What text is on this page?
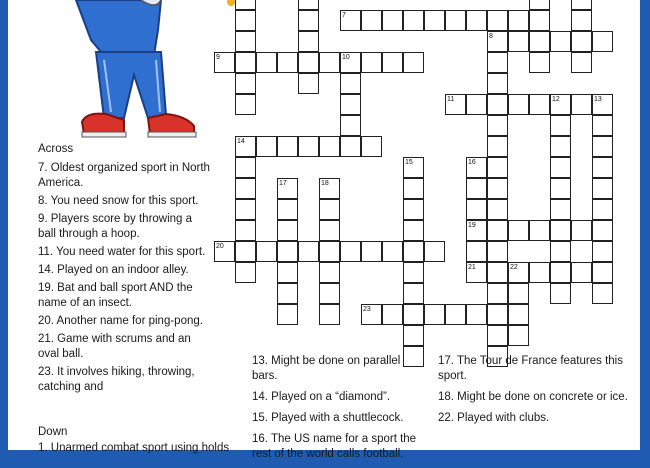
7
8
9	10
11	12	13
14
15	16
17	18
19
20
21	22
23
Across
7. Oldest organized sport in North America.
8. You need snow for this sport.
9. Players score by throwing a ball through a hoop.
11. You need water for this sport.
14. Played on an indoor alley.
19. Bat and ball sport AND the name of an insect.
20. Another name for ping-pong.
21. Game with scrums and an oval ball.
23. It involves hiking, throwing, catching and
Down
1. Unarmed combat sport using holds
13. Might be done on parallel bars.
14. Played on a “diamond”.
15. Played with a shuttlecock.
16. The US name for a sport the rest of the world calls football.
17. The Tour de France features this sport.
18. Might be done on concrete or ice.
22. Played with clubs.
